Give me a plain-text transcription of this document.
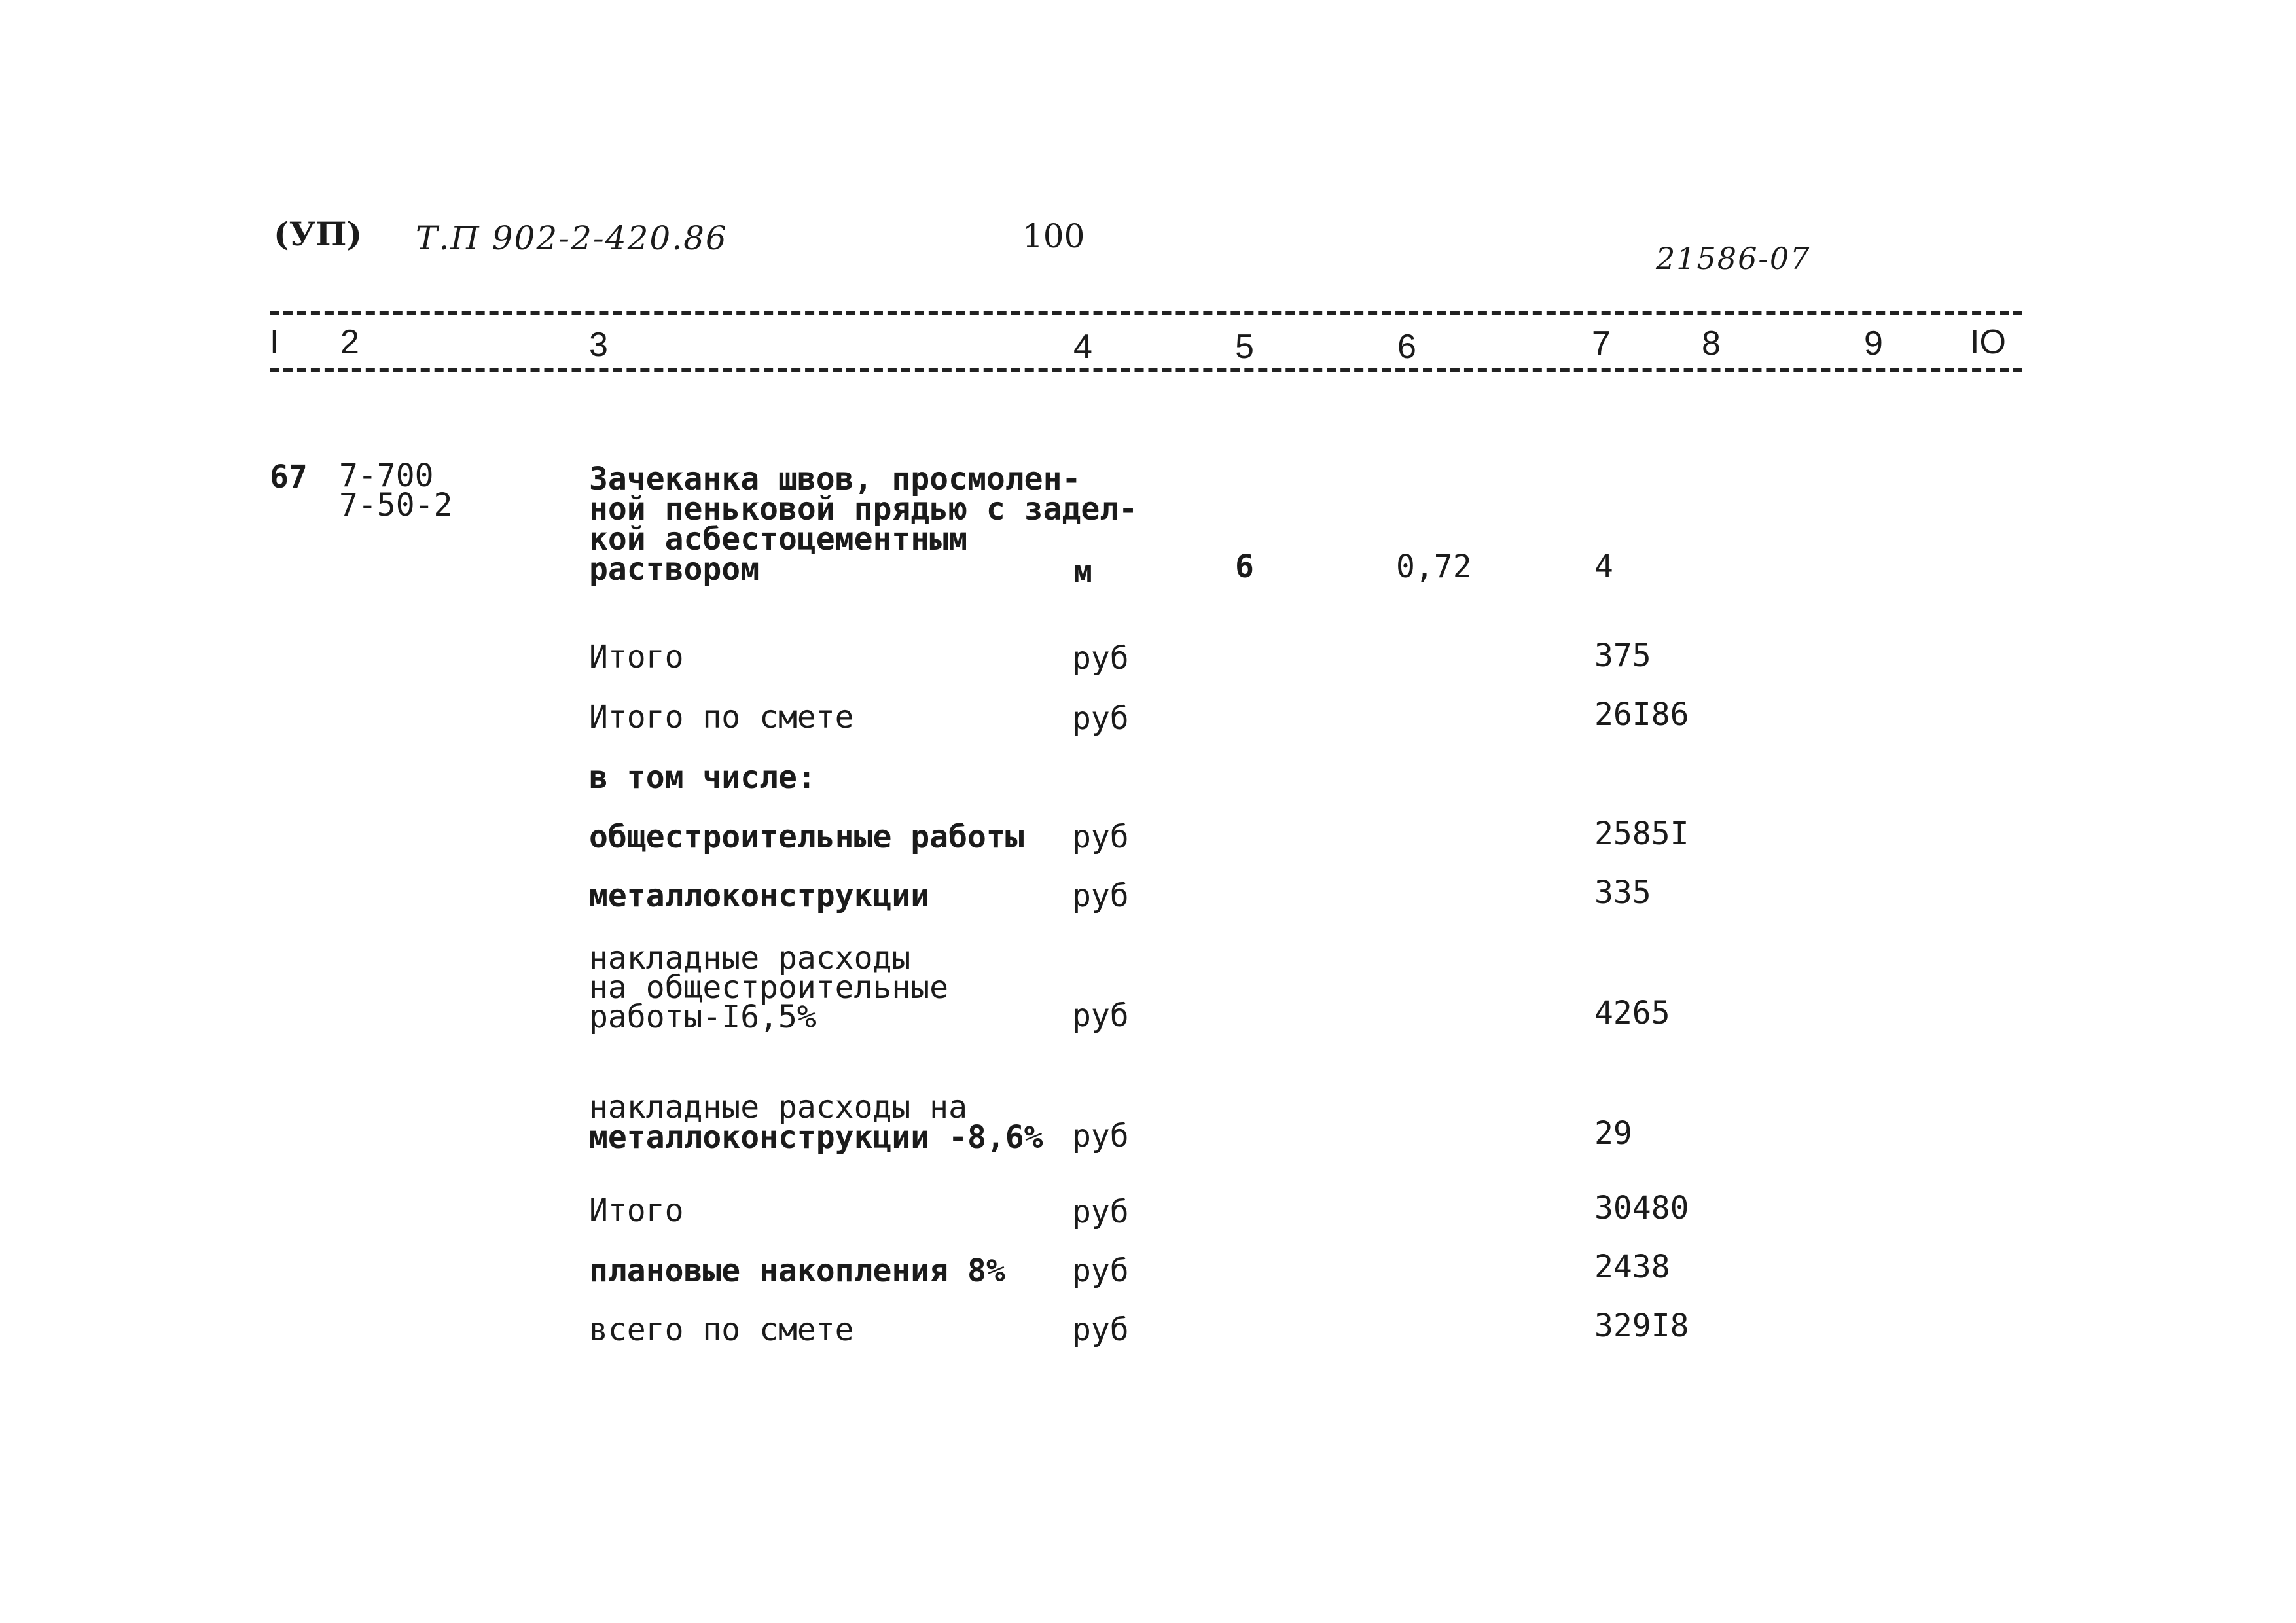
(УП) Т.П 902-2-420.86	100
21586-07
I 2	3	4	5	6	7	8	9	IO
67 7-700
7-50-2
Зачеканка швов, просмолен-
ной пеньковой прядью с задел-
кой асбестоцементным
раствором	м	6	0,72	4
Итого	руб	375
Итого по смете	руб	26I86
в том числе:
общестроительные работы руб	2585I
металлоконструкции	руб	335
накладные расходы
на общестроительные
работы-I6,5%	руб	4265
накладные расходы на
металлоконструкции -8,6% руб	29
Итого	руб	30480
плановые накопления 8% руб	2438
всего по смете	руб	329I8
